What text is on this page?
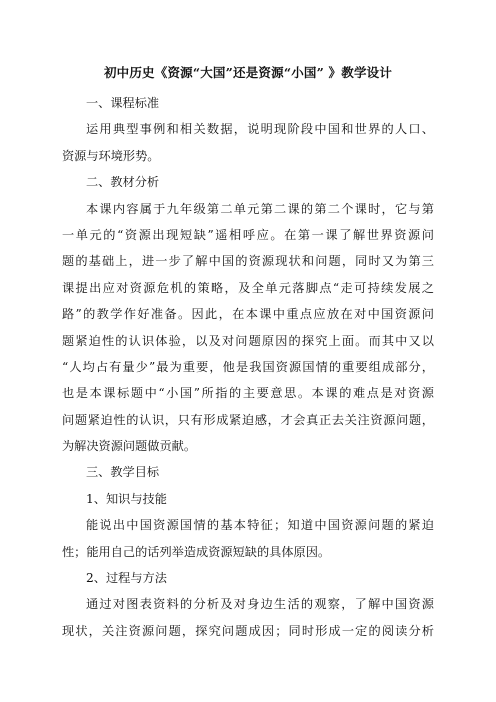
初中历史《资源“大国”还是资源“小国” 》教学设计
一、课程标准
运用典型事例和相关数据，说明现阶段中国和世界的人口、
资源与环境形势。
二、教材分析
本课内容属于九年级第二单元第二课的第二个课时，它与第
一单元的“资源出现短缺”遥相呼应。在第一课了解世界资源问
题的基础上，进一步了解中国的资源现状和问题，同时又为第三
课提出应对资源危机的策略，及全单元落脚点“走可持续发展之
路”的教学作好准备。因此，在本课中重点应放在对中国资源问
题紧迫性的认识体验，以及对问题原因的探究上面。而其中又以
“人均占有量少”最为重要，他是我国资源国情的重要组成部分，
也是本课标题中“小国”所指的主要意思。本课的难点是对资源
问题紧迫性的认识，只有形成紧迫感，才会真正去关注资源问题，
为解决资源问题做贡献。
三、教学目标
1、知识与技能
能说出中国资源国情的基本特征；知道中国资源问题的紧迫
性；能用自己的话列举造成资源短缺的具体原因。
2、过程与方法
通过对图表资料的分析及对身边生活的观察，了解中国资源
现状，关注资源问题，探究问题成因；同时形成一定的阅读分析
